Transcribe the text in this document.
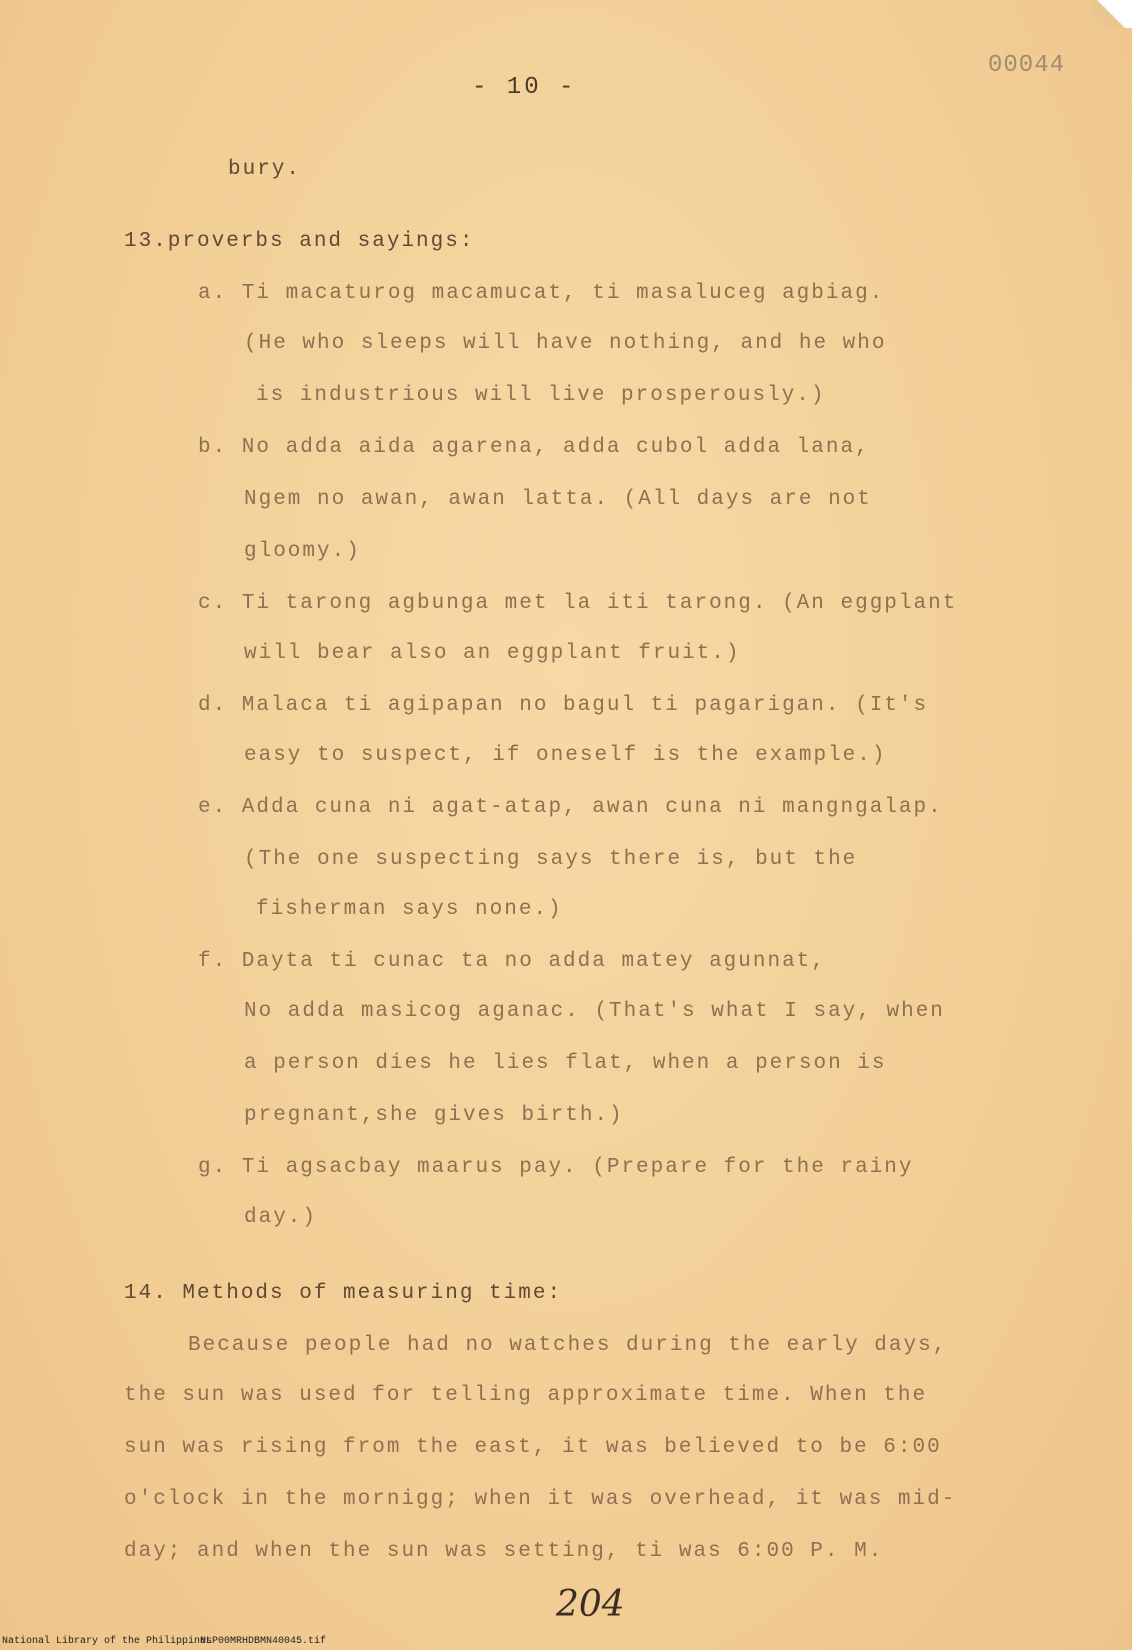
- 10 -
00044
bury.
13.proverbs and sayings:
a. Ti macaturog macamucat, ti masaluceg agbiag.
(He who sleeps will have nothing, and he who
is industrious will live prosperously.)
b. No adda aida agarena, adda cubol adda lana,
Ngem no awan, awan latta. (All days are not
gloomy.)
c. Ti tarong agbunga met la iti tarong. (An eggplant
will bear also an eggplant fruit.)
d. Malaca ti agipapan no bagul ti pagarigan. (It's
easy to suspect, if oneself is the example.)
e. Adda cuna ni agat-atap, awan cuna ni mangngalap.
(The one suspecting says there is, but the
fisherman says none.)
f. Dayta ti cunac ta no adda matey agunnat,
No adda masicog aganac. (That's what I say, when
a person dies he lies flat, when a person is
pregnant,she gives birth.)
g. Ti agsacbay maarus pay. (Prepare for the rainy
day.)
14. Methods of measuring time:
Because people had no watches during the early days,
the sun was used for telling approximate time. When the
sun was rising from the east, it was believed to be 6:00
o'clock in the mornigg; when it was overhead, it was mid-
day; and when the sun was setting, ti was 6:00 P. M.
204
National Library of the Philippines
NLP00MRHDBMN40045.tif
